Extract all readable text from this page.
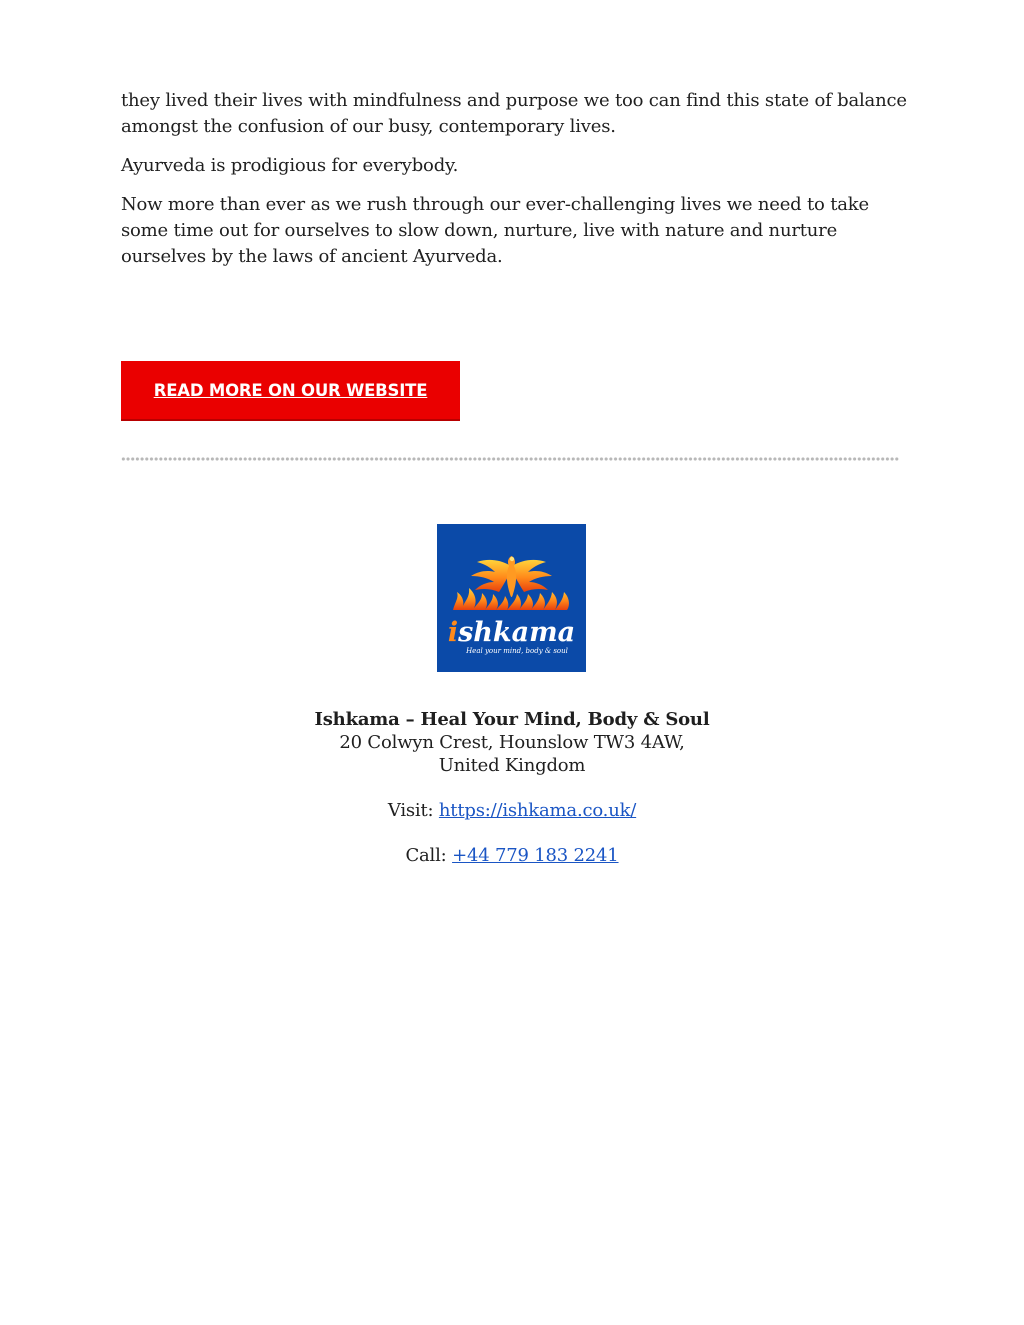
they lived their lives with mindfulness and purpose we too can find this state of balance amongst the confusion of our busy, contemporary lives.

Ayurveda is prodigious for everybody.

Now more than ever as we rush through our ever-challenging lives we need to take some time out for ourselves to slow down, nurture, live with nature and nurture ourselves by the laws of ancient Ayurveda.

READ MORE ON OUR WEBSITE
ishkama
Heal your mind, body & soul
Ishkama – Heal Your Mind, Body & Soul
20 Colwyn Crest, Hounslow TW3 4AW,
United Kingdom
Visit: https://ishkama.co.uk/
Call: +44 779 183 2241
